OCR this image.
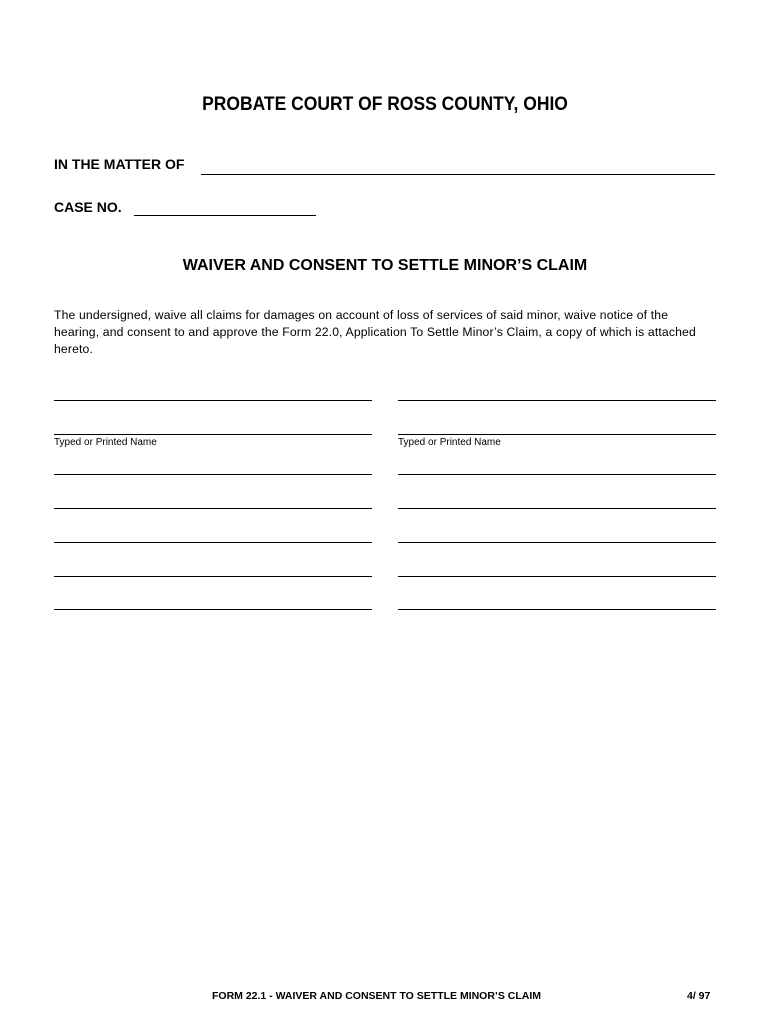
PROBATE COURT OF ROSS COUNTY, OHIO
IN THE MATTER OF
CASE NO.
WAIVER AND CONSENT TO SETTLE MINOR’S CLAIM
The undersigned, waive all claims for damages on account of loss of services of said minor, waive notice of the hearing, and consent to and approve the Form 22.0, Application To Settle Minor’s Claim, a copy of which is attached hereto.
Typed or Printed Name	Typed or Printed Name
FORM 22.1 - WAIVER AND CONSENT TO SETTLE MINOR’S CLAIM	4/ 97
